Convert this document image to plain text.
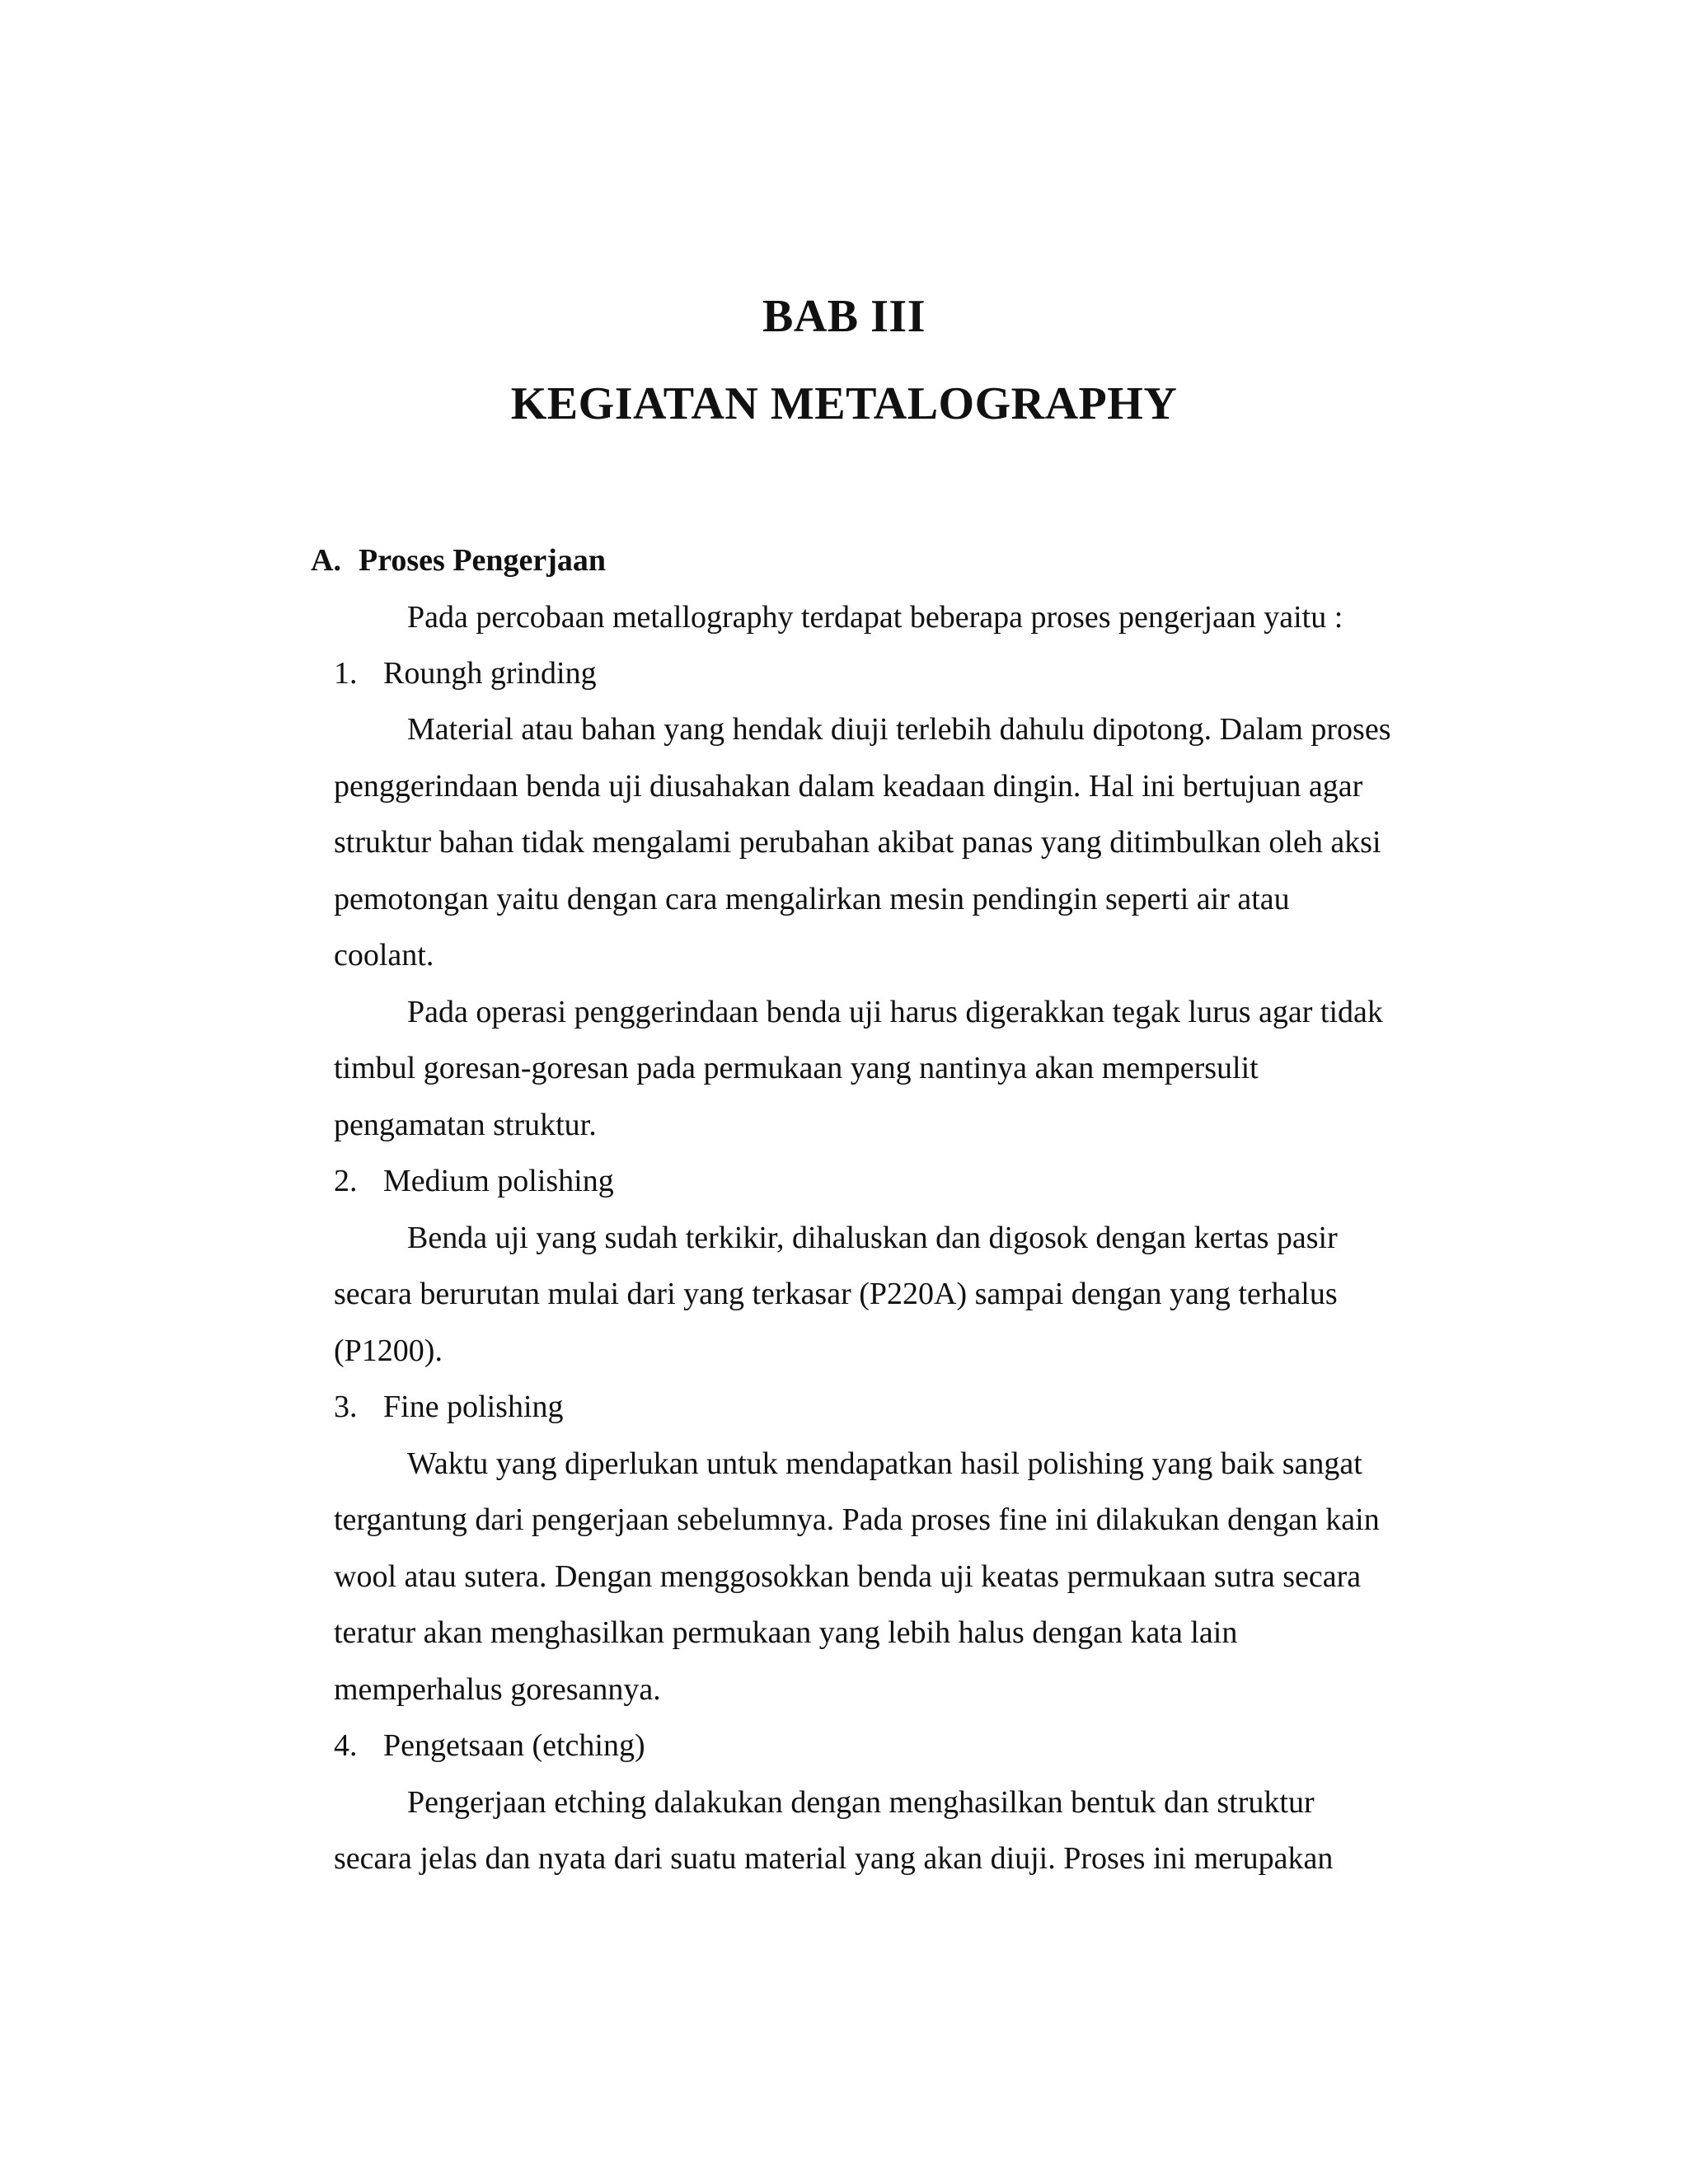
BAB III
KEGIATAN METALOGRAPHY
A. Proses Pengerjaan

Pada percobaan metallography terdapat beberapa proses pengerjaan yaitu :

1. Roungh grinding

Material atau bahan yang hendak diuji terlebih dahulu dipotong. Dalam proses

penggerindaan benda uji diusahakan dalam keadaan dingin. Hal ini bertujuan agar

struktur bahan tidak mengalami perubahan akibat panas yang ditimbulkan oleh aksi

pemotongan yaitu dengan cara mengalirkan mesin pendingin seperti air atau

coolant.

Pada operasi penggerindaan benda uji harus digerakkan tegak lurus agar tidak

timbul goresan-goresan pada permukaan yang nantinya akan mempersulit

pengamatan struktur.

2. Medium polishing

Benda uji yang sudah terkikir, dihaluskan dan digosok dengan kertas pasir

secara berurutan mulai dari yang terkasar (P220A) sampai dengan yang terhalus

(P1200).

3. Fine polishing

Waktu yang diperlukan untuk mendapatkan hasil polishing yang baik sangat

tergantung dari pengerjaan sebelumnya. Pada proses fine ini dilakukan dengan kain

wool atau sutera. Dengan menggosokkan benda uji keatas permukaan sutra secara

teratur akan menghasilkan permukaan yang lebih halus dengan kata lain

memperhalus goresannya.

4. Pengetsaan (etching)

Pengerjaan etching dalakukan dengan menghasilkan bentuk dan struktur

secara jelas dan nyata dari suatu material yang akan diuji. Proses ini merupakan
